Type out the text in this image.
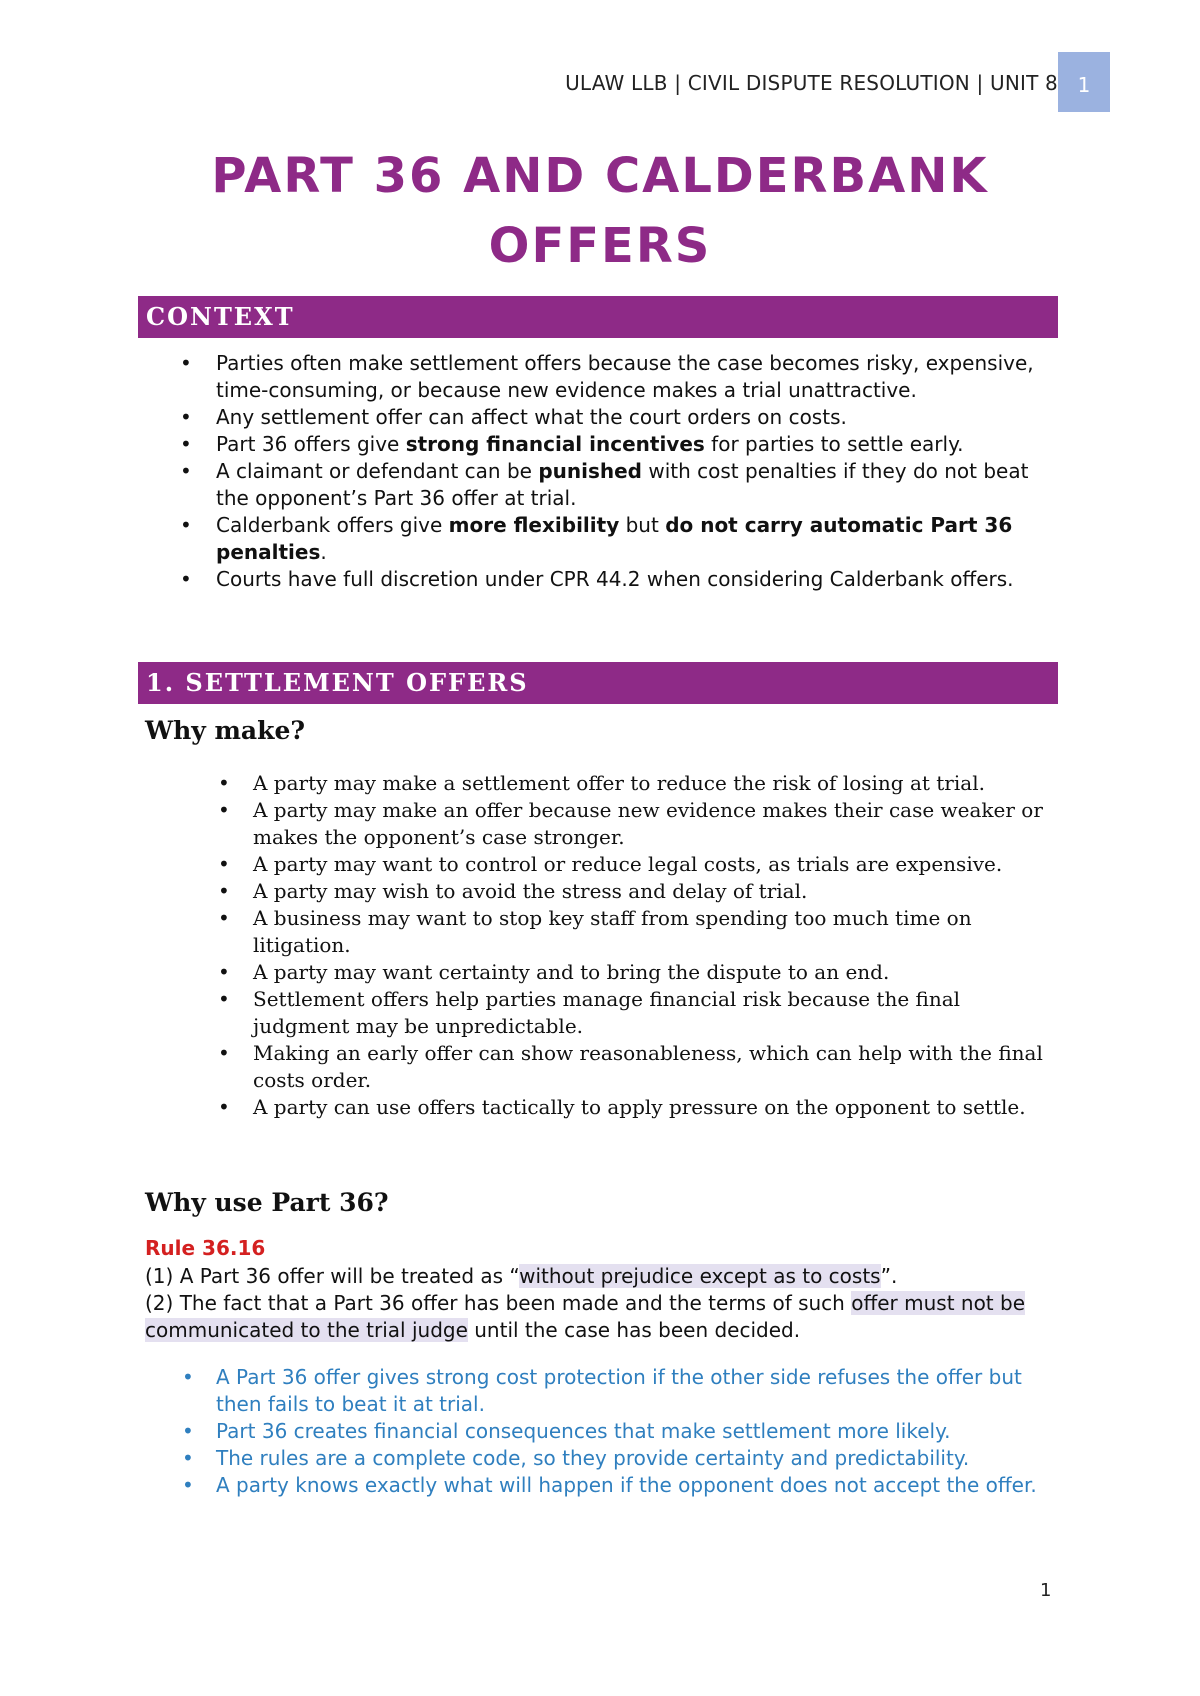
ULAW LLB | CIVIL DISPUTE RESOLUTION | UNIT 8 1
PART 36 AND CALDERBANK
OFFERS
CONTEXT
• Parties often make settlement offers because the case becomes risky, expensive, time-consuming, or because new evidence makes a trial unattractive.
• Any settlement offer can affect what the court orders on costs.
• Part 36 offers give strong financial incentives for parties to settle early.
• A claimant or defendant can be punished with cost penalties if they do not beat the opponent’s Part 36 offer at trial.
• Calderbank offers give more flexibility but do not carry automatic Part 36 penalties.
• Courts have full discretion under CPR 44.2 when considering Calderbank offers.
1. SETTLEMENT OFFERS
Why make?
• A party may make a settlement offer to reduce the risk of losing at trial.
• A party may make an offer because new evidence makes their case weaker or makes the opponent’s case stronger.
• A party may want to control or reduce legal costs, as trials are expensive.
• A party may wish to avoid the stress and delay of trial.
• A business may want to stop key staff from spending too much time on litigation.
• A party may want certainty and to bring the dispute to an end.
• Settlement offers help parties manage financial risk because the final judgment may be unpredictable.
• Making an early offer can show reasonableness, which can help with the final costs order.
• A party can use offers tactically to apply pressure on the opponent to settle.
Why use Part 36?
Rule 36.16
(1) A Part 36 offer will be treated as “without prejudice except as to costs”.
(2) The fact that a Part 36 offer has been made and the terms of such offer must not be communicated to the trial judge until the case has been decided.
• A Part 36 offer gives strong cost protection if the other side refuses the offer but then fails to beat it at trial.
• Part 36 creates financial consequences that make settlement more likely.
• The rules are a complete code, so they provide certainty and predictability.
• A party knows exactly what will happen if the opponent does not accept the offer.
1
